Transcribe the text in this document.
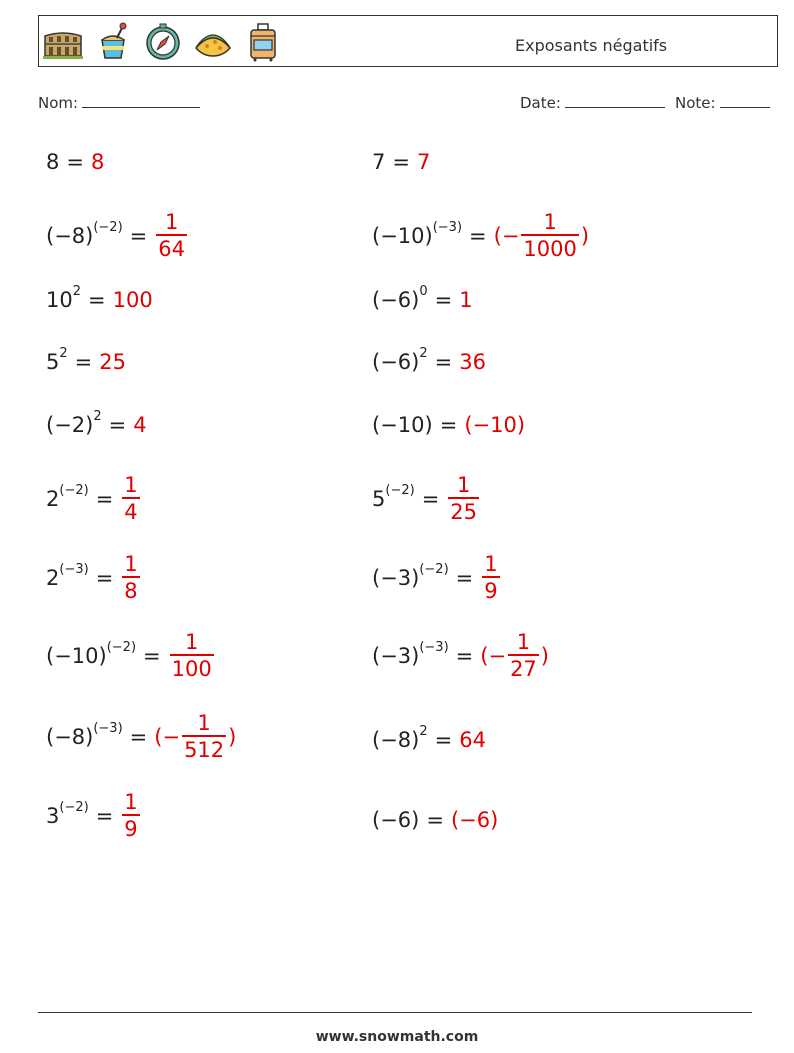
Exposants négatifs
Nom:	Date:	Note:
8 = 8	7 = 7
$(-8)^{(-2)} = \frac{1}{64}$	$(-10)^{(-3)}$ = (− $\frac{1}{1000}$ )
$10^2 = 100$	$(-6)^0 = 1$
$5^2 = 25$	$(-6)^2 = 36$
$(-2)^2 = 4$	(−10) = (−10)
$2^{(-2)} = \frac{1}{4}$	$5^{(-2)} = \frac{1}{25}$
$2^{(-3)} = \frac{1}{8}$	$(-3)^{(-2)} = \frac{1}{9}$
$(-10)^{(-2)} = \frac{1}{100}$	$(-3)^{(-3)}$ = (− $\frac{1}{27}$ )
$(-8)^{(-3)}$ = (− $\frac{1}{512}$ )	$(-8)^2 = 64$
$3^{(-2)} = \frac{1}{9}$	(−6) = (−6)
www.snowmath.com
